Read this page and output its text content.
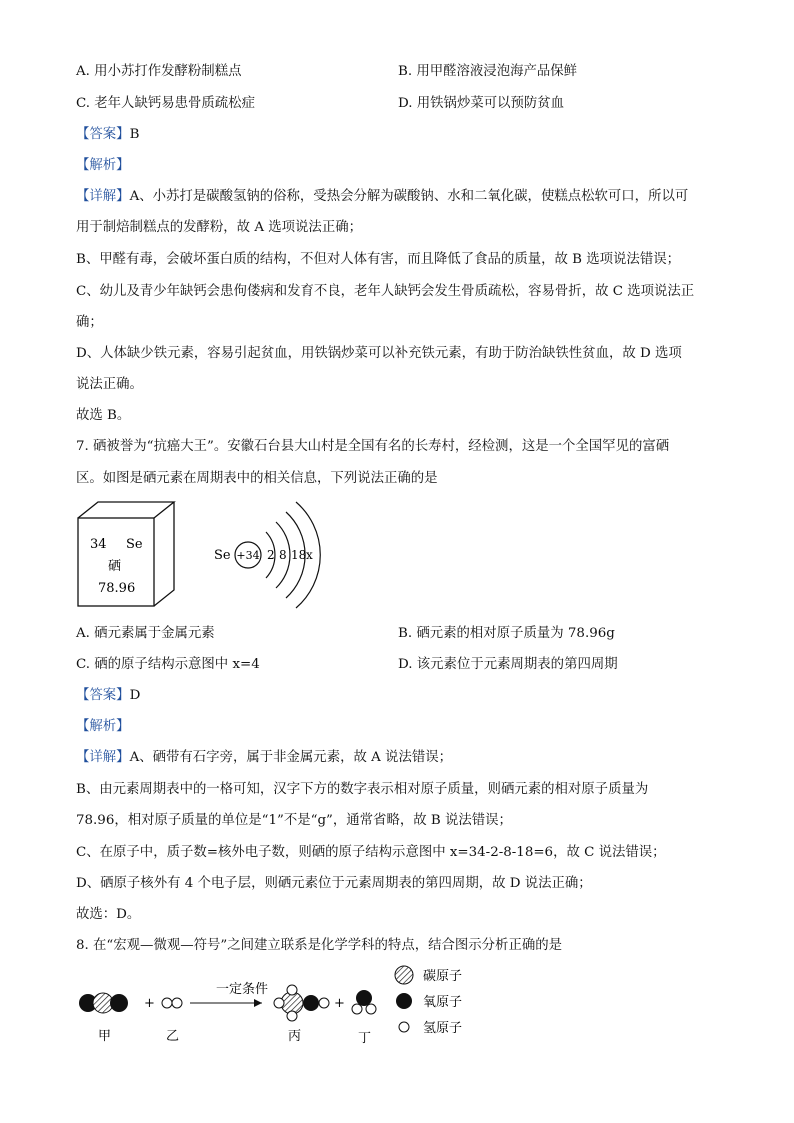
A. 用小苏打作发酵粉制糕点	B. 用甲醛溶液浸泡海产品保鲜
C. 老年人缺钙易患骨质疏松症	D. 用铁锅炒菜可以预防贫血
【答案】B
【解析】
【详解】A、小苏打是碳酸氢钠的俗称，受热会分解为碳酸钠、水和二氧化碳，使糕点松软可口，所以可
用于制焙制糕点的发酵粉，故 A 选项说法正确；
B、甲醛有毒，会破坏蛋白质的结构，不但对人体有害，而且降低了食品的质量，故 B 选项说法错误；
C、幼儿及青少年缺钙会患佝偻病和发育不良，老年人缺钙会发生骨质疏松，容易骨折，故 C 选项说法正
确；
D、人体缺少铁元素，容易引起贫血，用铁锅炒菜可以补充铁元素，有助于防治缺铁性贫血，故 D 选项
说法正确。
故选 B。
7. 硒被誉为“抗癌大王”。安徽石台县大山村是全国有名的长寿村，经检测，这是一个全国罕见的富硒
区。如图是硒元素在周期表中的相关信息，下列说法正确的是
34 Se
硒
78.96
Se +34 2 8 18 x
A. 硒元素属于金属元素	B. 硒元素的相对原子质量为 78.96g
C. 硒的原子结构示意图中 x=4	D. 该元素位于元素周期表的第四周期
【答案】D
【解析】
【详解】A、硒带有石字旁，属于非金属元素，故 A 说法错误；
B、由元素周期表中的一格可知，汉字下方的数字表示相对原子质量，则硒元素的相对原子质量为
78.96，相对原子质量的单位是“1”不是“g”，通常省略，故 B 说法错误；
C、在原子中，质子数=核外电子数，则硒的原子结构示意图中 x=34-2-8-18=6，故 C 说法错误；
D、硒原子核外有 4 个电子层，则硒元素位于元素周期表的第四周期，故 D 说法正确；
故选：D。
8. 在“宏观—微观—符号”之间建立联系是化学学科的特点，结合图示分析正确的是
甲
+
乙
一定条件
丙
+
丁
碳原子
氧原子
氢原子
